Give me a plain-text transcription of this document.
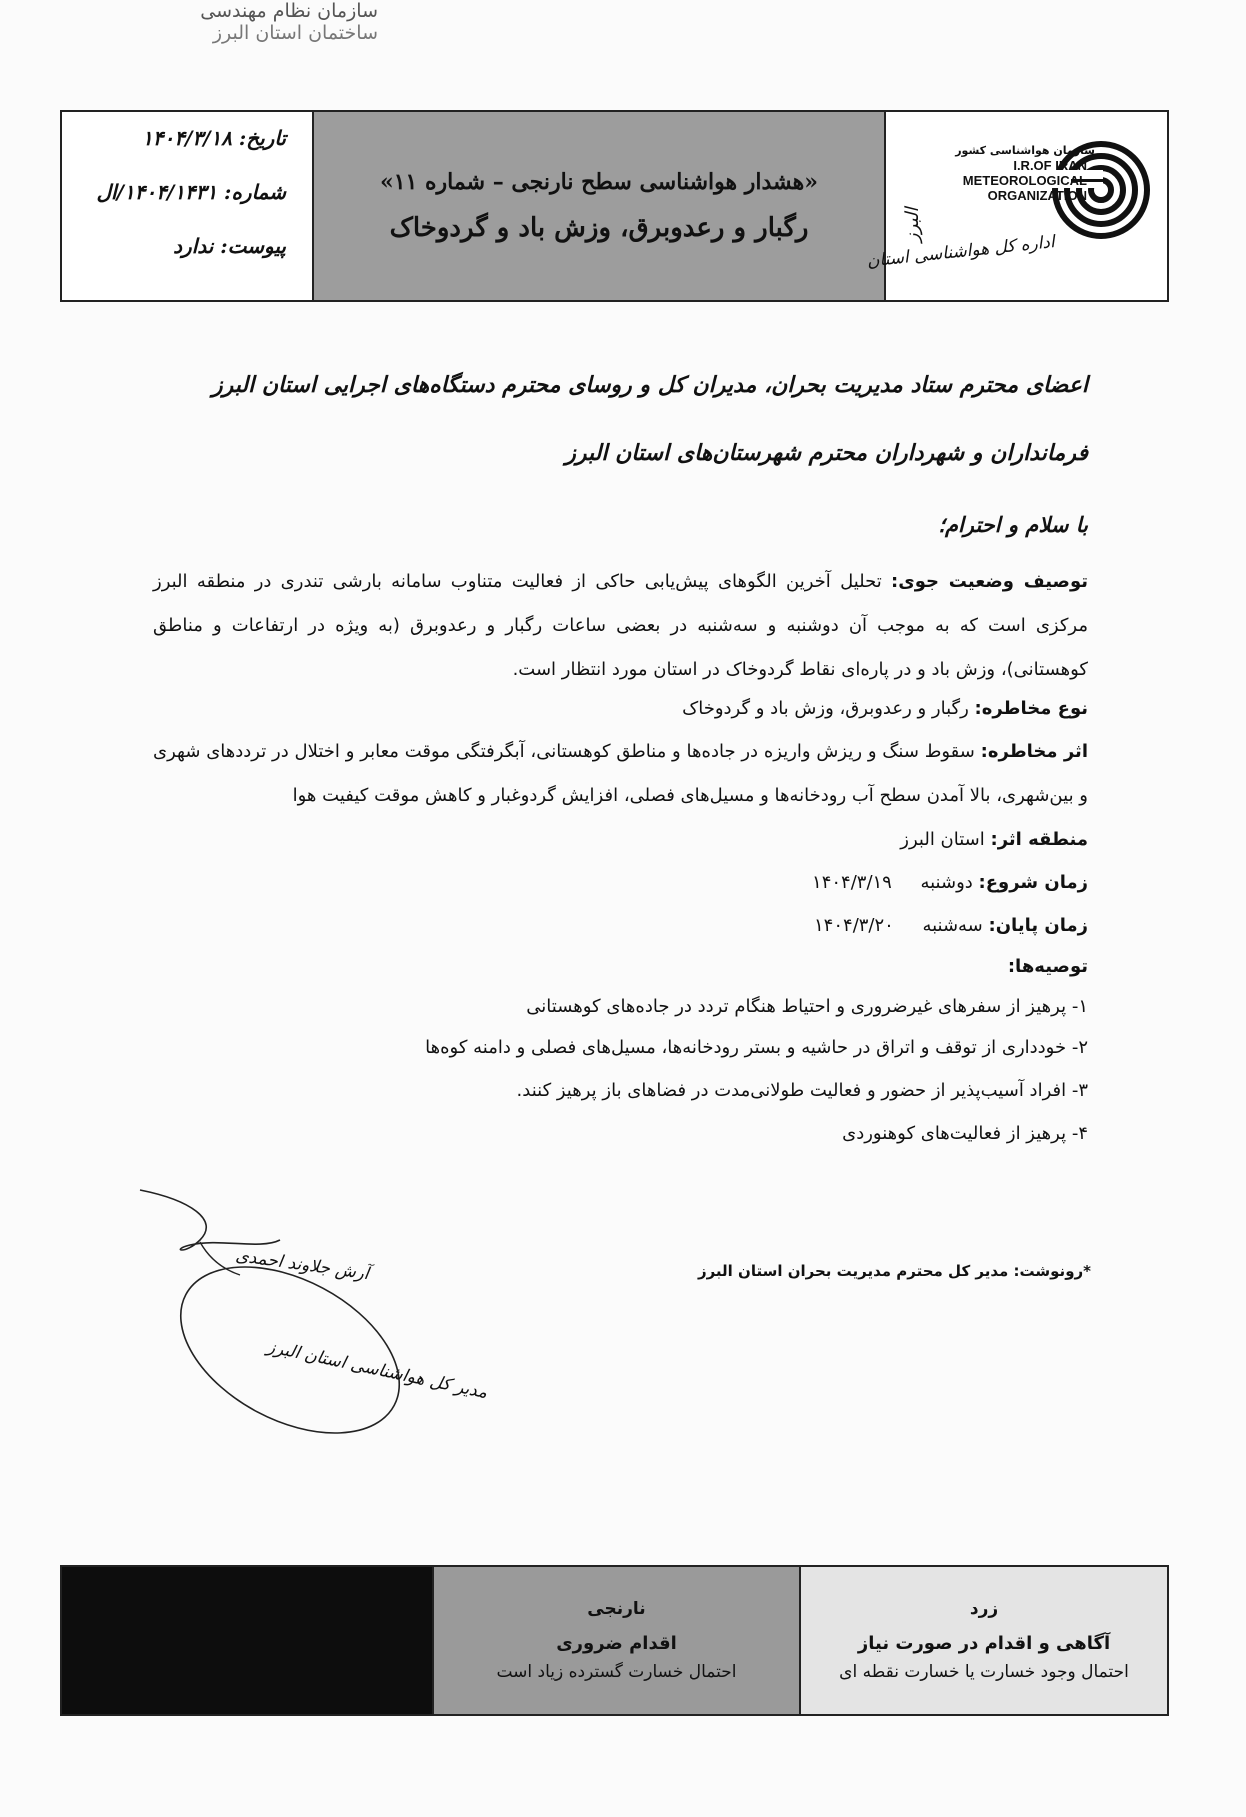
سازمان نظام مهندسی
ساختمان استان البرز
تاریخ: ۱۴۰۴/۳/۱۸
شماره: ۱۴۰۴/۱۴۳۱/ال
پیوست: ندارد
«هشدار هواشناسی سطح نارنجی – شماره ۱۱»
رگبار و رعدوبرق، وزش باد و گردوخاک
سازمان هواشناسی کشور
I.R.OF IRAN
METEOROLOGICAL
ORGANIZATION
اداره کل هواشناسی استان
البرز
اعضای محترم ستاد مدیریت بحران، مدیران کل و روسای محترم دستگاه‌های اجرایی استان البرز
فرمانداران و شهرداران محترم شهرستان‌های استان البرز
با سلام و احترام؛
توصیف وضعیت جوی: تحلیل آخرین الگوهای پیش‌یابی حاکی از فعالیت متناوب سامانه بارشی تندری در منطقه البرز مرکزی است که به موجب آن دوشنبه و سه‌شنبه در بعضی ساعات رگبار و رعدوبرق (به ویژه در ارتفاعات و مناطق کوهستانی)، وزش باد و در پاره‌ای نقاط گردوخاک در استان مورد انتظار است.
نوع مخاطره: رگبار و رعدوبرق، وزش باد و گردوخاک
اثر مخاطره: سقوط سنگ و ریزش واریزه در جاده‌ها و مناطق کوهستانی، آبگرفتگی موقت معابر و اختلال در ترددهای شهری و بین‌شهری، بالا آمدن سطح آب رودخانه‌ها و مسیل‌های فصلی، افزایش گردوغبار و کاهش موقت کیفیت هوا
منطقه اثر: استان البرز
زمان شروع: دوشنبه     ۱۴۰۴/۳/۱۹
زمان پایان: سه‌شنبه     ۱۴۰۴/۳/۲۰
توصیه‌ها:
۱- پرهیز از سفرهای غیرضروری و احتیاط هنگام تردد در جاده‌های کوهستانی
۲- خودداری از توقف و اتراق در حاشیه و بستر رودخانه‌ها، مسیل‌های فصلی و دامنه کوه‌ها
۳- افراد آسیب‌پذیر از حضور و فعالیت طولانی‌مدت در فضاهای باز پرهیز کنند.
۴- پرهیز از فعالیت‌های کوهنوردی
آرش جلاوند احمدی
مدیر کل هواشناسی استان البرز
*رونوشت: مدیر کل محترم مدیریت بحران استان البرز
نارنجی
اقدام ضروری
احتمال خسارت گسترده زیاد است
زرد
آگاهی و اقدام در صورت نیاز
احتمال وجود خسارت یا خسارت نقطه ای
